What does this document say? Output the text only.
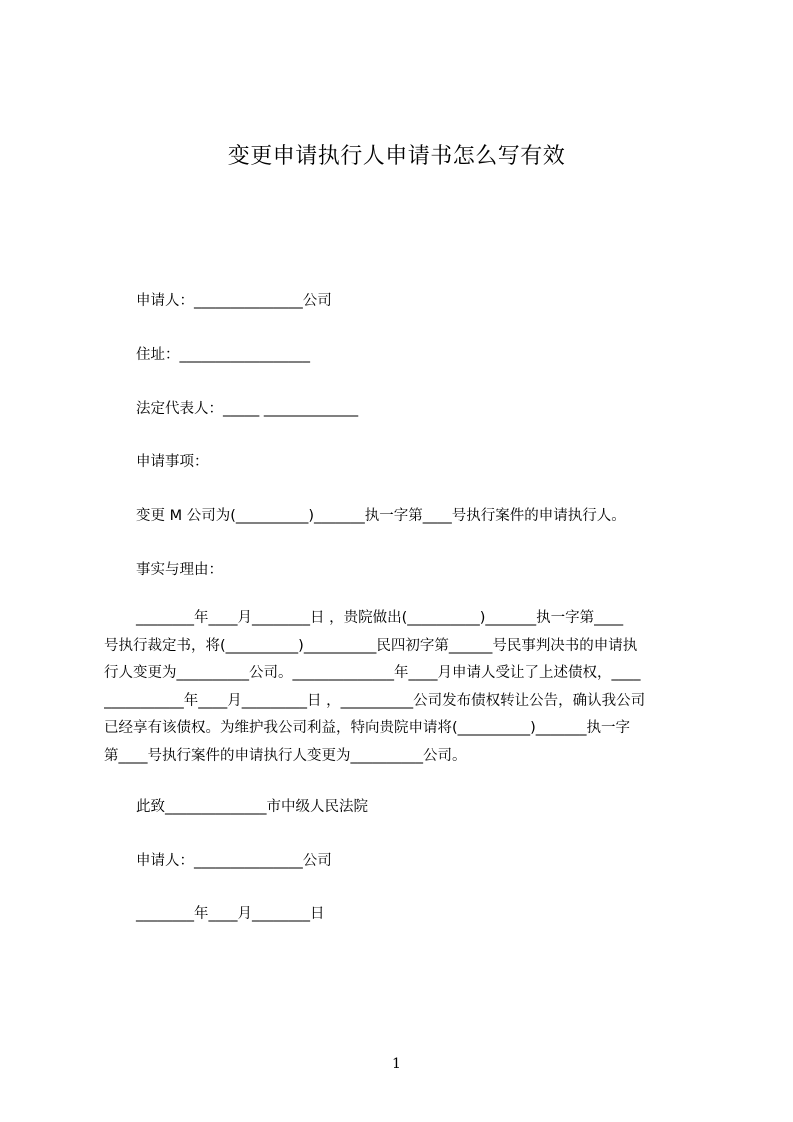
变更申请执行人申请书怎么写有效
申请人：_______________公司
住址：__________________
法定代表人：_____ _____________
申请事项：
变更 M 公司为(__________)_______执一字第____号执行案件的申请执行人。
事实与理由：
________年____月________日 ，贵院做出(__________)_______执一字第____
号执行裁定书，将(__________)__________民四初字第______号民事判决书的申请执
行人变更为__________公司。______________年____月申请人受让了上述债权，____
___________年____月_________日 ，__________公司发布债权转让公告，确认我公司
已经享有该债权。为维护我公司利益，特向贵院申请将(__________)_______执一字
第____号执行案件的申请执行人变更为__________公司。
此致______________市中级人民法院
申请人：_______________公司
________年____月________日
1
